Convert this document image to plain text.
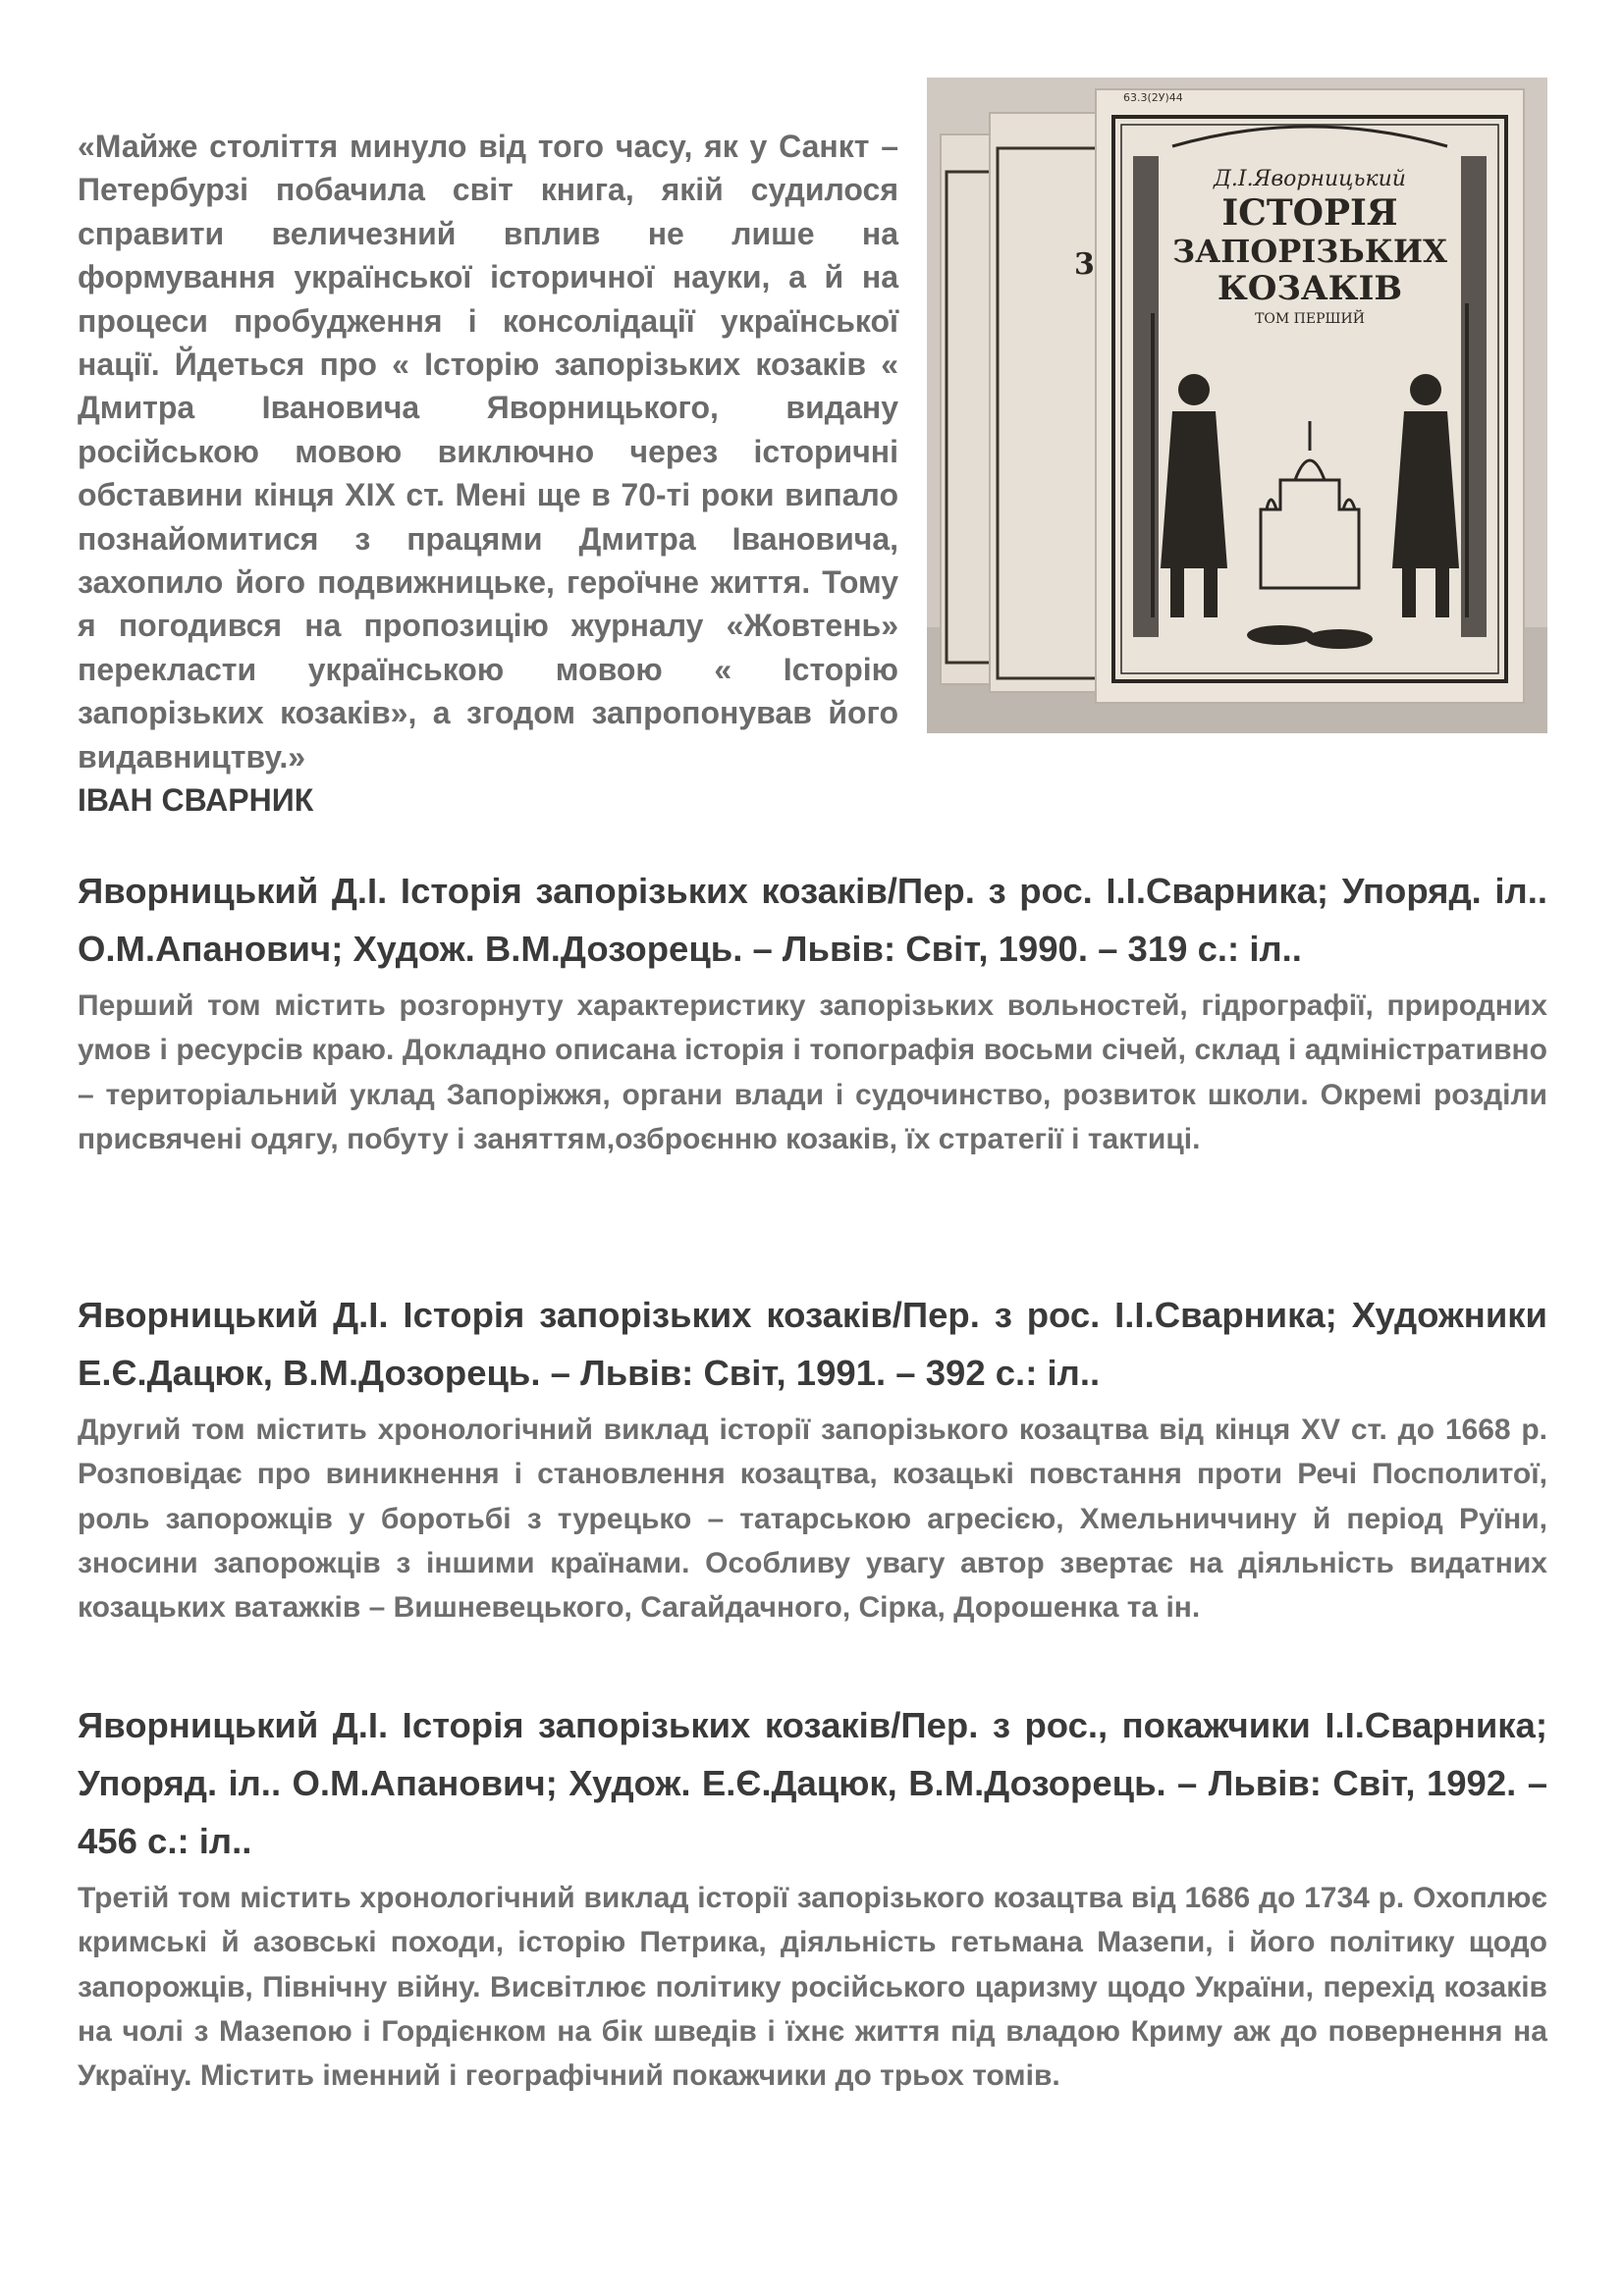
«Майже століття минуло від того часу, як у Санкт – Петербурзі побачила світ книга, якій судилося справити величезний вплив не лише на формування української історичної науки, а й на процеси пробудження і консолідації української нації. Йдеться про « Історію запорізьких козаків « Дмитра Івановича Яворницького, видану російською мовою виключно через історичні обставини кінця ХІХ ст. Мені ще в 70-ті роки випало познайомитися з працями Дмитра Івановича, захопило його подвижницьке, героїчне життя. Тому я погодився на пропозицію журналу «Жовтень» перекласти українською мовою « Історію запорізьких козаків», а згодом запропонував його видавництву.»

ІВАН СВАРНИК

3
63.3(2У)44
Д.І.Яворницький
ІСТОРІЯ
ЗАПОРІЗЬКИХ
КОЗАКІВ
ТОМ ПЕРШИЙ

Яворницький Д.І. Історія запорізьких козаків/Пер. з рос. І.І.Сварника; Упоряд. іл.. О.М.Апанович; Худож. В.М.Дозорець. – Львів: Світ, 1990. – 319 с.: іл..

Перший том містить розгорнуту характеристику запорізьких вольностей, гідрографії, природних умов і ресурсів краю. Докладно описана історія і топографія восьми січей, склад і адміністративно – територіальний уклад Запоріжжя, органи влади і судочинство, розвиток школи. Окремі розділи присвячені одягу, побуту і заняттям,озброєнню козаків, їх стратегії і тактиці.

Яворницький Д.І. Історія запорізьких козаків/Пер. з рос. І.І.Сварника; Художники Е.Є.Дацюк, В.М.Дозорець. – Львів: Світ, 1991. – 392 с.: іл..

Другий том містить хронологічний виклад історії запорізького козацтва від кінця XV ст. до 1668 р. Розповідає про виникнення і становлення козацтва, козацькі повстання проти Речі Посполитої, роль запорожців у боротьбі з турецько – татарською агресією, Хмельниччину й період Руїни, зносини запорожців з іншими країнами. Особливу увагу автор звертає на діяльність видатних козацьких ватажків – Вишневецького, Сагайдачного, Сірка, Дорошенка та ін.

Яворницький Д.І. Історія запорізьких козаків/Пер. з рос., покажчики І.І.Сварника; Упоряд. іл.. О.М.Апанович; Худож. Е.Є.Дацюк, В.М.Дозорець. – Львів: Світ, 1992. – 456 с.: іл..

Третій том містить хронологічний виклад історії запорізького козацтва від 1686 до 1734 р. Охоплює кримські й азовські походи, історію Петрика, діяльність гетьмана Мазепи, і його політику щодо запорожців, Північну війну. Висвітлює політику російського царизму щодо України, перехід козаків на чолі з Мазепою і Гордієнком на бік шведів і їхнє життя під владою Криму аж до повернення на Україну. Містить іменний і географічний покажчики до трьох томів.
